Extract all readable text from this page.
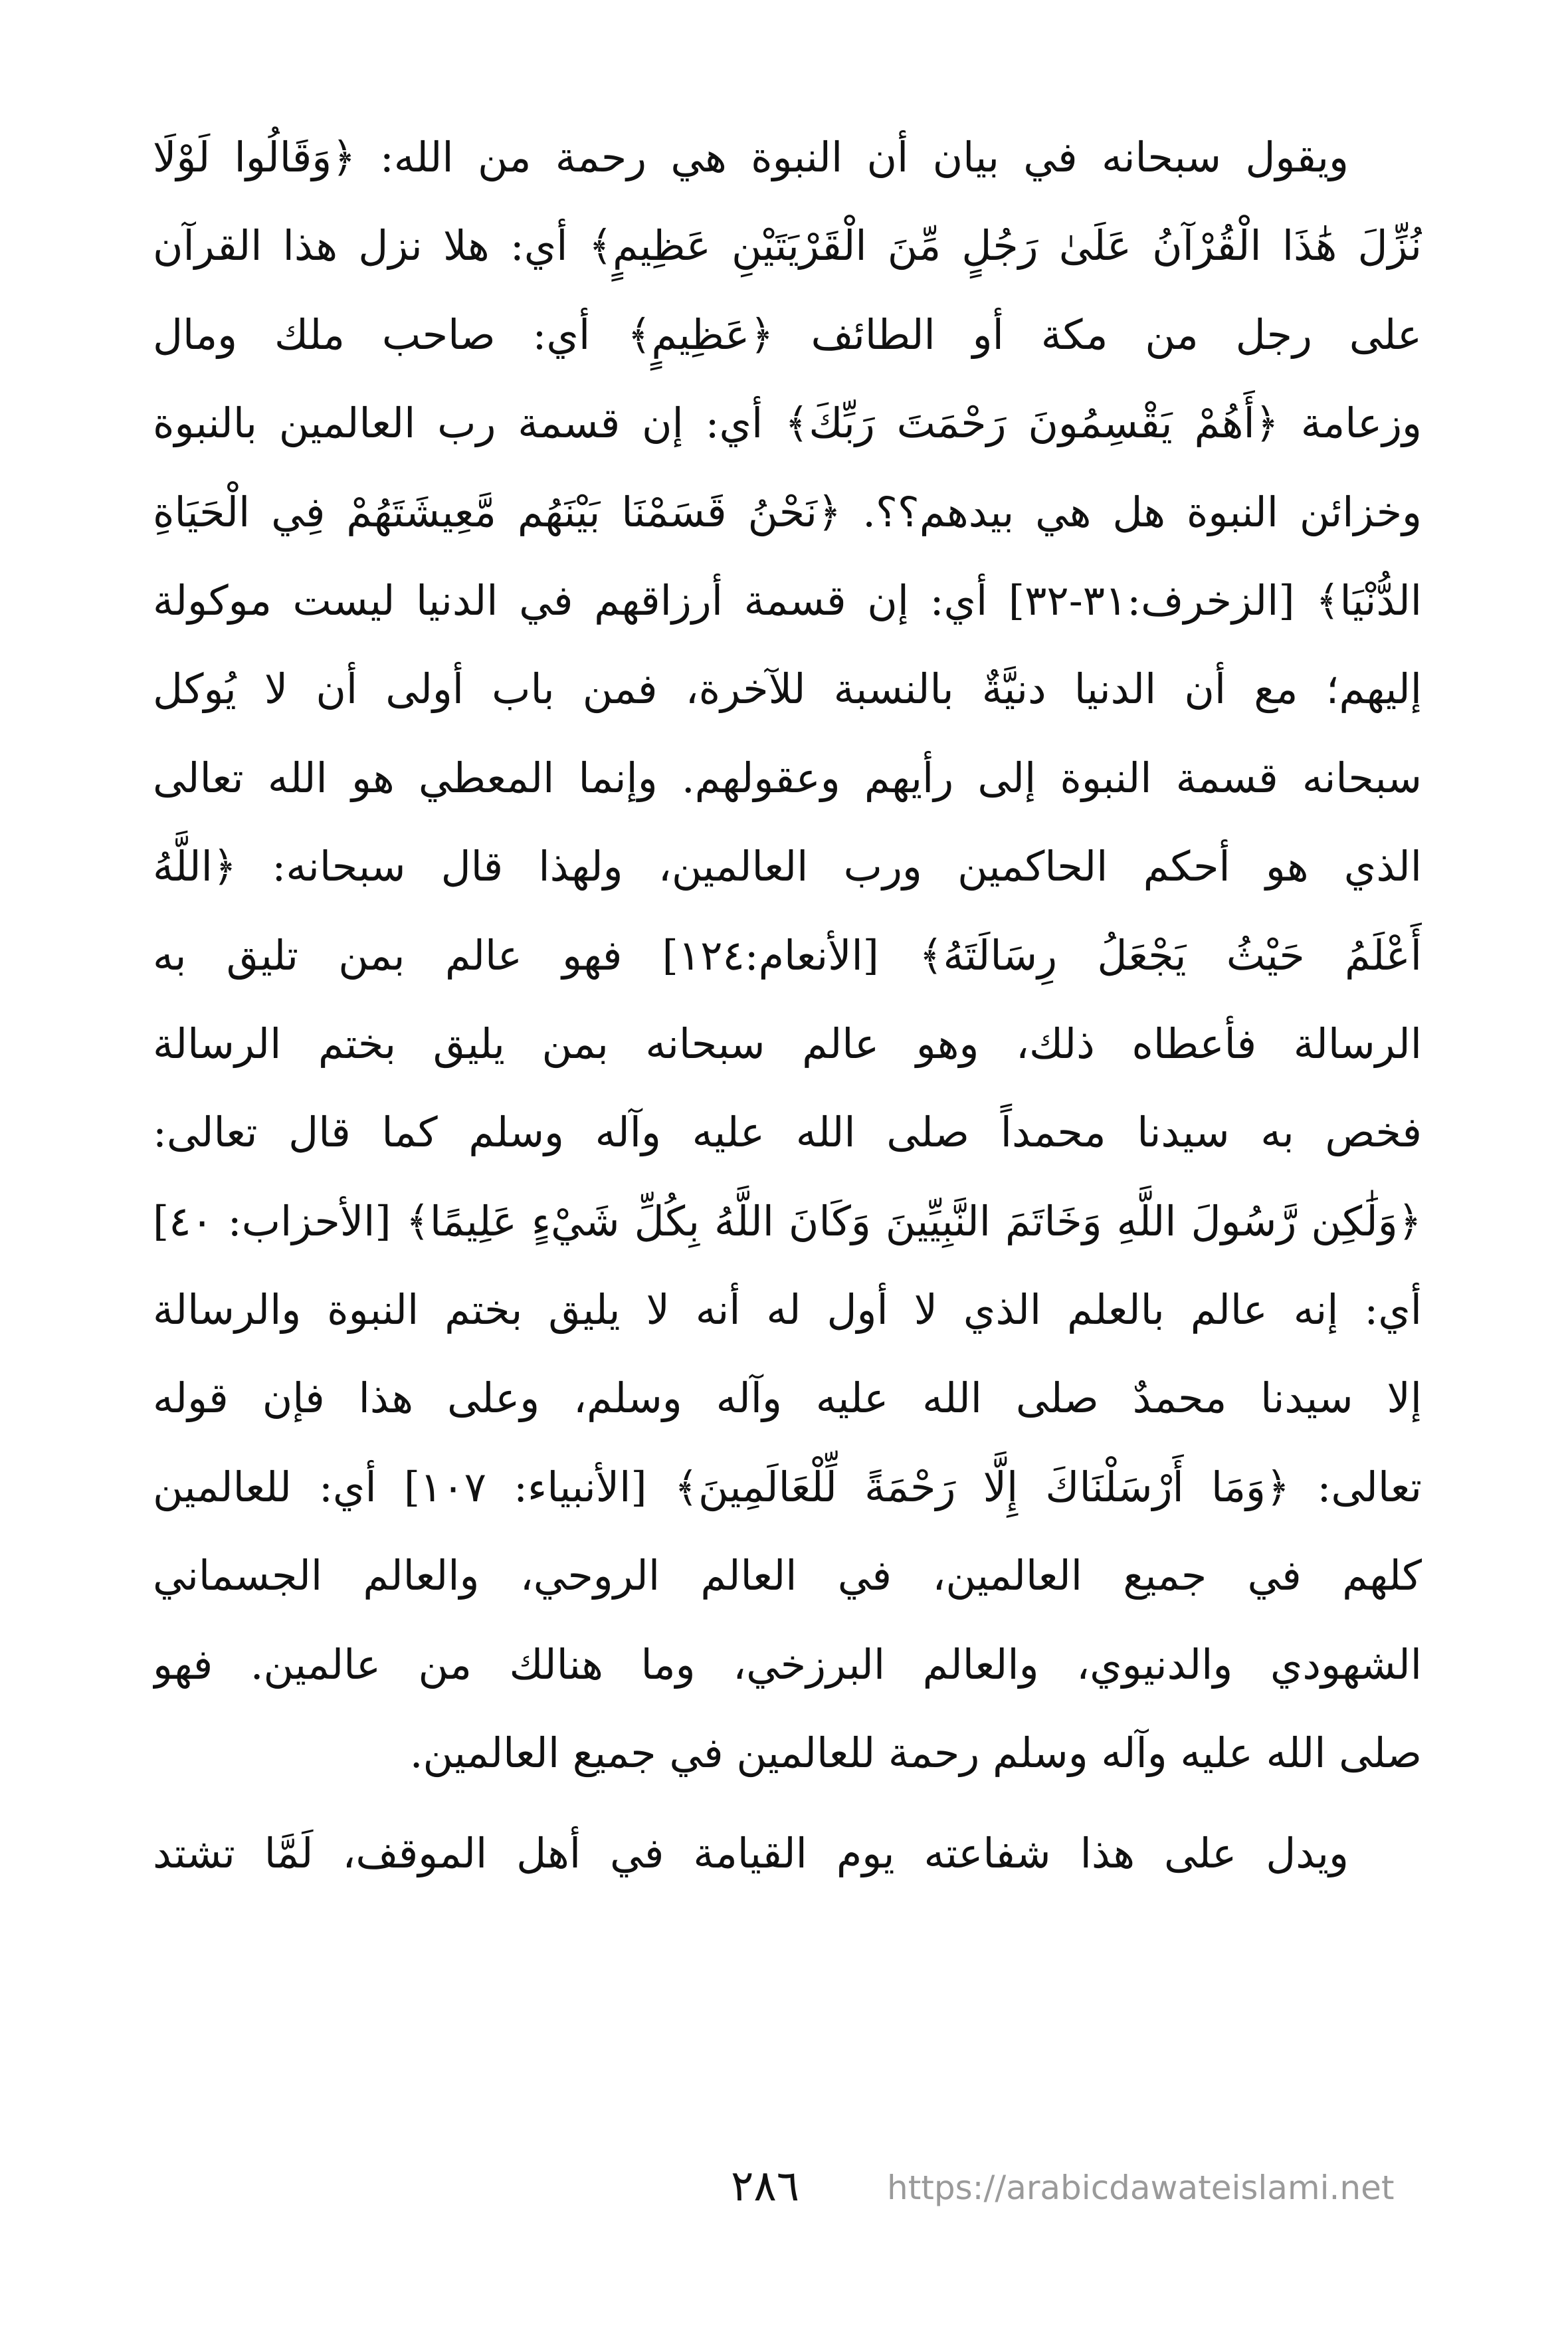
ويقول سبحانه في بيان أن النبوة هي رحمة من الله: ﴿وَقَالُوا لَوْلَا
نُزِّلَ هَٰذَا الْقُرْآنُ عَلَىٰ رَجُلٍ مِّنَ الْقَرْيَتَيْنِ عَظِيمٍ﴾ أي: هلا نزل هذا القرآن
على رجل من مكة أو الطائف ﴿عَظِيمٍ﴾ أي: صاحب ملك ومال
وزعامة ﴿أَهُمْ يَقْسِمُونَ رَحْمَتَ رَبِّكَ﴾ أي: إن قسمة رب العالمين بالنبوة
وخزائن النبوة هل هي بيدهم؟؟. ﴿نَحْنُ قَسَمْنَا بَيْنَهُم مَّعِيشَتَهُمْ فِي الْحَيَاةِ
الدُّنْيَا﴾ [الزخرف:٣١-٣٢] أي: إن قسمة أرزاقهم في الدنيا ليست موكولة
إليهم؛ مع أن الدنيا دنيَّةٌ بالنسبة للآخرة، فمن باب أولى أن لا يُوكل
سبحانه قسمة النبوة إلى رأيهم وعقولهم. وإنما المعطي هو الله تعالى
الذي هو أحكم الحاكمين ورب العالمين، ولهذا قال سبحانه: ﴿اللَّهُ
أَعْلَمُ حَيْثُ يَجْعَلُ رِسَالَتَهُ﴾ [الأنعام:١٢٤] فهو عالم بمن تليق به
الرسالة فأعطاه ذلك، وهو عالم سبحانه بمن يليق بختم الرسالة
فخص به سيدنا محمداً صلى الله عليه وآله وسلم كما قال تعالى:
﴿وَلَٰكِن رَّسُولَ اللَّهِ وَخَاتَمَ النَّبِيِّينَ وَكَانَ اللَّهُ بِكُلِّ شَيْءٍ عَلِيمًا﴾ [الأحزاب: ٤٠]
أي: إنه عالم بالعلم الذي لا أول له أنه لا يليق بختم النبوة والرسالة
إلا سيدنا محمدٌ صلى الله عليه وآله وسلم، وعلى هذا فإن قوله
تعالى: ﴿وَمَا أَرْسَلْنَاكَ إِلَّا رَحْمَةً لِّلْعَالَمِينَ﴾ [الأنبياء: ١٠٧] أي: للعالمين
كلهم في جميع العالمين، في العالم الروحي، والعالم الجسماني
الشهودي والدنيوي، والعالم البرزخي، وما هنالك من عالمين. فهو
صلى الله عليه وآله وسلم رحمة للعالمين في جميع العالمين.
ويدل على هذا شفاعته يوم القيامة في أهل الموقف، لَمَّا تشتد
٢٨٦	https://arabicdawateislami.net
